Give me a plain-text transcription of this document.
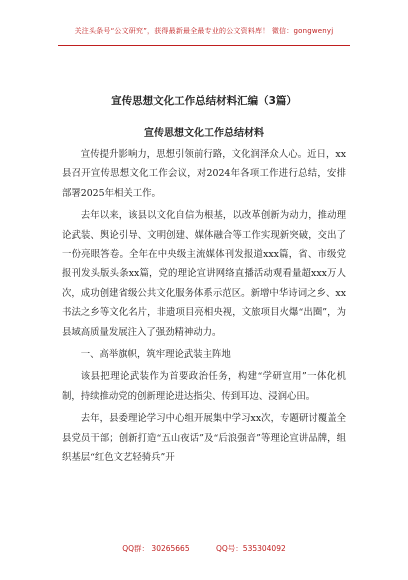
关注头条号“公文研究”，获得最新最全最专业的公文资料库！ 微信：gongwenyj
宣传思想文化工作总结材料汇编（3篇）
宣传思想文化工作总结材料

宣传提升影响力，思想引领前行路，文化润泽众人心。近日，xx县召开宣传思想文化工作会议，对2024年各项工作进行总结，安排部署2025年相关工作。

去年以来，该县以文化自信为根基，以改革创新为动力，推动理论武装、舆论引导、文明创建、媒体融合等工作实现新突破，交出了一份亮眼答卷。全年在中央级主流媒体刊发报道xxx篇，省、市级党报刊发头版头条xx篇，党的理论宣讲网络直播活动观看量超xxx万人次，成功创建省级公共文化服务体系示范区。新增中华诗词之乡、xx书法之乡等文化名片，非遗项目亮相央视，文旅项目火爆“出圈”，为县域高质量发展注入了强劲精神动力。

一、高举旗帜，筑牢理论武装主阵地

该县把理论武装作为首要政治任务，构建“学研宣用”一体化机制，持续推动党的创新理论进达指尖、传到耳边、浸润心田。

去年，县委理论学习中心组开展集中学习xx次，专题研讨覆盖全县党员干部；创新打造“五山夜话”及“后浪强音”等理论宣讲品牌，组织基层“红色文艺轻骑兵”开

QQ群： 30265665	QQ号：535304092
